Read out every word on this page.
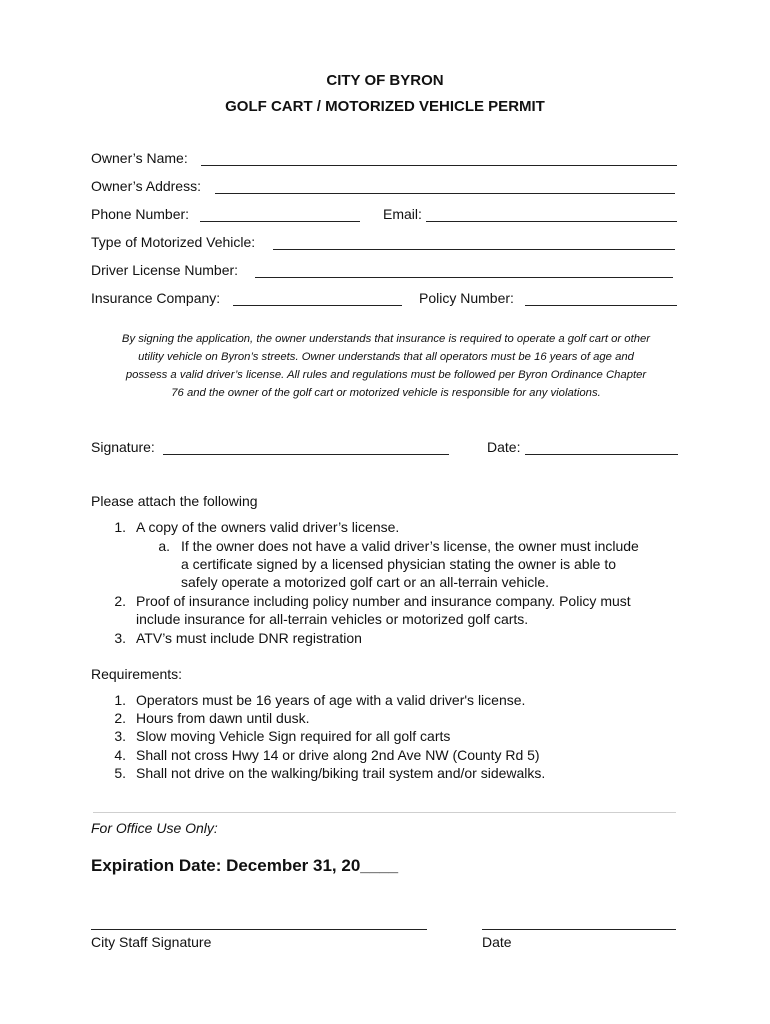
CITY OF BYRON
GOLF CART / MOTORIZED VEHICLE PERMIT
Owner’s Name:
Owner’s Address:
Phone Number:	Email:
Type of Motorized Vehicle:
Driver License Number:
Insurance Company:	Policy Number:
By signing the application, the owner understands that insurance is required to operate a golf cart or other
utility vehicle on Byron’s streets. Owner understands that all operators must be 16 years of age and
possess a valid driver’s license. All rules and regulations must be followed per Byron Ordinance Chapter
76 and the owner of the golf cart or motorized vehicle is responsible for any violations.
Signature:	Date:
Please attach the following
1. A copy of the owners valid driver’s license.
a. If the owner does not have a valid driver’s license, the owner must include
a certificate signed by a licensed physician stating the owner is able to
safely operate a motorized golf cart or an all-terrain vehicle.
2. Proof of insurance including policy number and insurance company. Policy must
include insurance for all-terrain vehicles or motorized golf carts.
3. ATV’s must include DNR registration
Requirements:
1. Operators must be 16 years of age with a valid driver's license.
2. Hours from dawn until dusk.
3. Slow moving Vehicle Sign required for all golf carts
4. Shall not cross Hwy 14 or drive along 2nd Ave NW (County Rd 5)
5. Shall not drive on the walking/biking trail system and/or sidewalks.
For Office Use Only:
Expiration Date: December 31, 20____
City Staff Signature	Date
